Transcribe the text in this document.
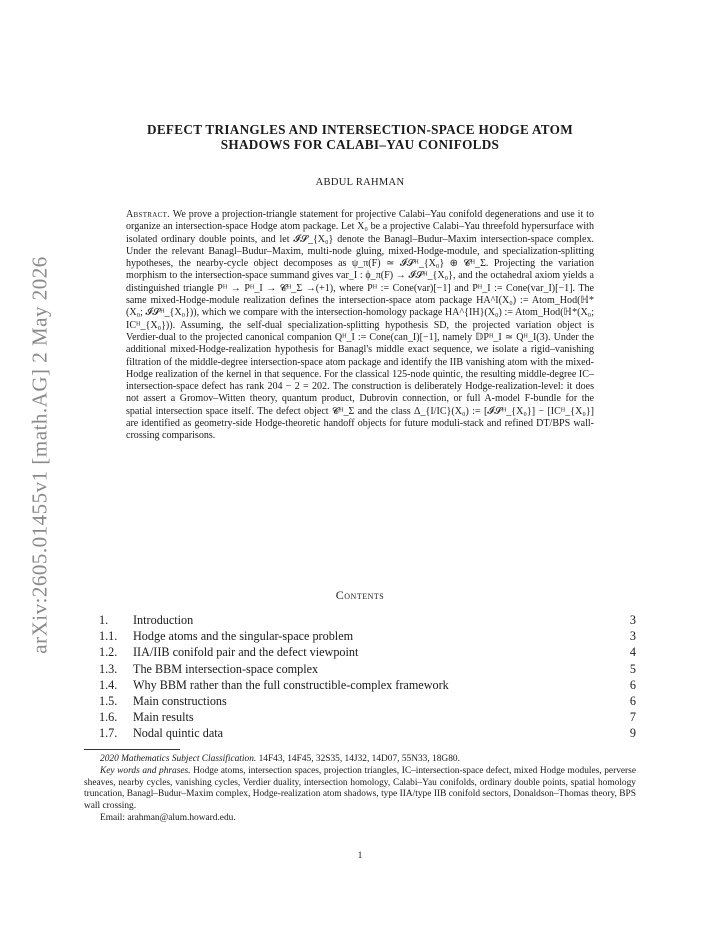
arXiv:2605.01455v1 [math.AG] 2 May 2026
DEFECT TRIANGLES AND INTERSECTION-SPACE HODGE ATOM
SHADOWS FOR CALABI–YAU CONIFOLDS
ABDUL RAHMAN
Abstract. We prove a projection-triangle statement for projective Calabi–Yau conifold degenerations and use it to organize an intersection-space Hodge atom package. Let X₀ be a projective Calabi–Yau threefold hypersurface with isolated ordinary double points, and let 𝓘𝓢_{X₀} denote the Banagl–Budur–Maxim intersection-space complex. Under the relevant Banagl–Budur–Maxim, multi-node gluing, mixed-Hodge-module, and specialization-splitting hypotheses, the nearby-cycle object decomposes as ψ_π(F) ≃ 𝓘𝓢ᴴ_{X₀} ⊕ 𝓒ᴴ_Σ. Projecting the variation morphism to the intersection-space summand gives var_I : ϕ_π(F) → 𝓘𝓢ᴴ_{X₀}, and the octahedral axiom yields a distinguished triangle Pᴴ → Pᴴ_I → 𝓒ᴴ_Σ →(+1), where Pᴴ := Cone(var)[−1] and Pᴴ_I := Cone(var_I)[−1]. The same mixed-Hodge-module realization defines the intersection-space atom package HA^I(X₀) := Atom_Hod(ℍ*(X₀; 𝓘𝓢ᴴ_{X₀})), which we compare with the intersection-homology package HA^{IH}(X₀) := Atom_Hod(ℍ*(X₀; ICᴴ_{X₀})). Assuming, the self-dual specialization-splitting hypothesis SD, the projected variation object is Verdier-dual to the projected canonical companion Qᴴ_I := Cone(can_I)[−1], namely 𝔻Pᴴ_I ≃ Qᴴ_I(3). Under the additional mixed-Hodge-realization hypothesis for Banagl's middle exact sequence, we isolate a rigid–vanishing filtration of the middle-degree intersection-space atom package and identify the IIB vanishing atom with the mixed-Hodge realization of the kernel in that sequence. For the classical 125-node quintic, the resulting middle-degree IC–intersection-space defect has rank 204 − 2 = 202. The construction is deliberately Hodge-realization-level: it does not assert a Gromov–Witten theory, quantum product, Dubrovin connection, or full A-model F-bundle for the spatial intersection space itself. The defect object 𝓒ᴴ_Σ and the class Δ_{I/IC}(X₀) := [𝓘𝓢ᴴ_{X₀}] − [ICᴴ_{X₀}] are identified as geometry-side Hodge-theoretic handoff objects for future moduli-stack and refined DT/BPS wall-crossing comparisons.
Contents
1. Introduction	3
1.1. Hodge atoms and the singular-space problem	3
1.2. IIA/IIB conifold pair and the defect viewpoint	4
1.3. The BBM intersection-space complex	5
1.4. Why BBM rather than the full constructible-complex framework	6
1.5. Main constructions	6
1.6. Main results	7
1.7. Nodal quintic data	9

2020 Mathematics Subject Classification. 14F43, 14F45, 32S35, 14J32, 14D07, 55N33, 18G80.

Key words and phrases. Hodge atoms, intersection spaces, projection triangles, IC–intersection-space defect, mixed Hodge modules, perverse sheaves, nearby cycles, vanishing cycles, Verdier duality, intersection homology, Calabi–Yau conifolds, ordinary double points, spatial homology truncation, Banagl–Budur–Maxim complex, Hodge-realization atom shadows, type IIA/type IIB conifold sectors, Donaldson–Thomas theory, BPS wall crossing.

Email: arahman@alum.howard.edu.

1
